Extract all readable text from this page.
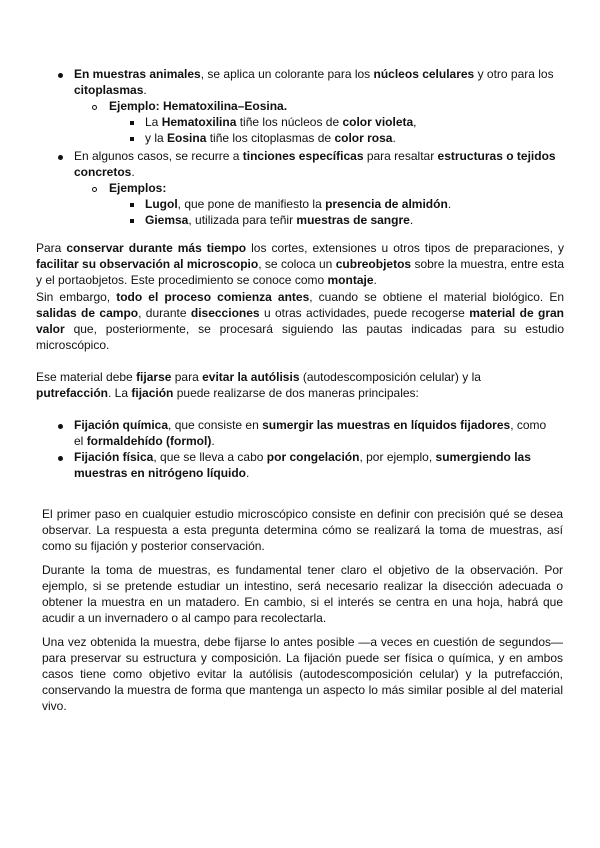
En muestras animales, se aplica un colorante para los núcleos celulares y otro para los
citoplasmas.
Ejemplo: Hematoxilina–Eosina.
La Hematoxilina tiñe los núcleos de color violeta,
y la Eosina tiñe los citoplasmas de color rosa.
En algunos casos, se recurre a tinciones específicas para resaltar estructuras o tejidos
concretos.
Ejemplos:
Lugol, que pone de manifiesto la presencia de almidón.
Giemsa, utilizada para teñir muestras de sangre.
Para conservar durante más tiempo los cortes, extensiones u otros tipos de preparaciones, y
facilitar su observación al microscopio, se coloca un cubreobjetos sobre la muestra, entre esta
y el portaobjetos. Este procedimiento se conoce como montaje.
Sin embargo, todo el proceso comienza antes, cuando se obtiene el material biológico. En
salidas de campo, durante disecciones u otras actividades, puede recogerse material de gran
valor que, posteriormente, se procesará siguiendo las pautas indicadas para su estudio
microscópico.
Ese material debe fijarse para evitar la autólisis (autodescomposición celular) y la
putrefacción. La fijación puede realizarse de dos maneras principales:
Fijación química, que consiste en sumergir las muestras en líquidos fijadores, como
el formaldehído (formol).
Fijación física, que se lleva a cabo por congelación, por ejemplo, sumergiendo las
muestras en nitrógeno líquido.
El primer paso en cualquier estudio microscópico consiste en definir con precisión qué se desea
observar. La respuesta a esta pregunta determina cómo se realizará la toma de muestras, así
como su fijación y posterior conservación.
Durante la toma de muestras, es fundamental tener claro el objetivo de la observación. Por
ejemplo, si se pretende estudiar un intestino, será necesario realizar la disección adecuada o
obtener la muestra en un matadero. En cambio, si el interés se centra en una hoja, habrá que
acudir a un invernadero o al campo para recolectarla.
Una vez obtenida la muestra, debe fijarse lo antes posible —a veces en cuestión de segundos—
para preservar su estructura y composición. La fijación puede ser física o química, y en ambos
casos tiene como objetivo evitar la autólisis (autodescomposición celular) y la putrefacción,
conservando la muestra de forma que mantenga un aspecto lo más similar posible al del material
vivo.
